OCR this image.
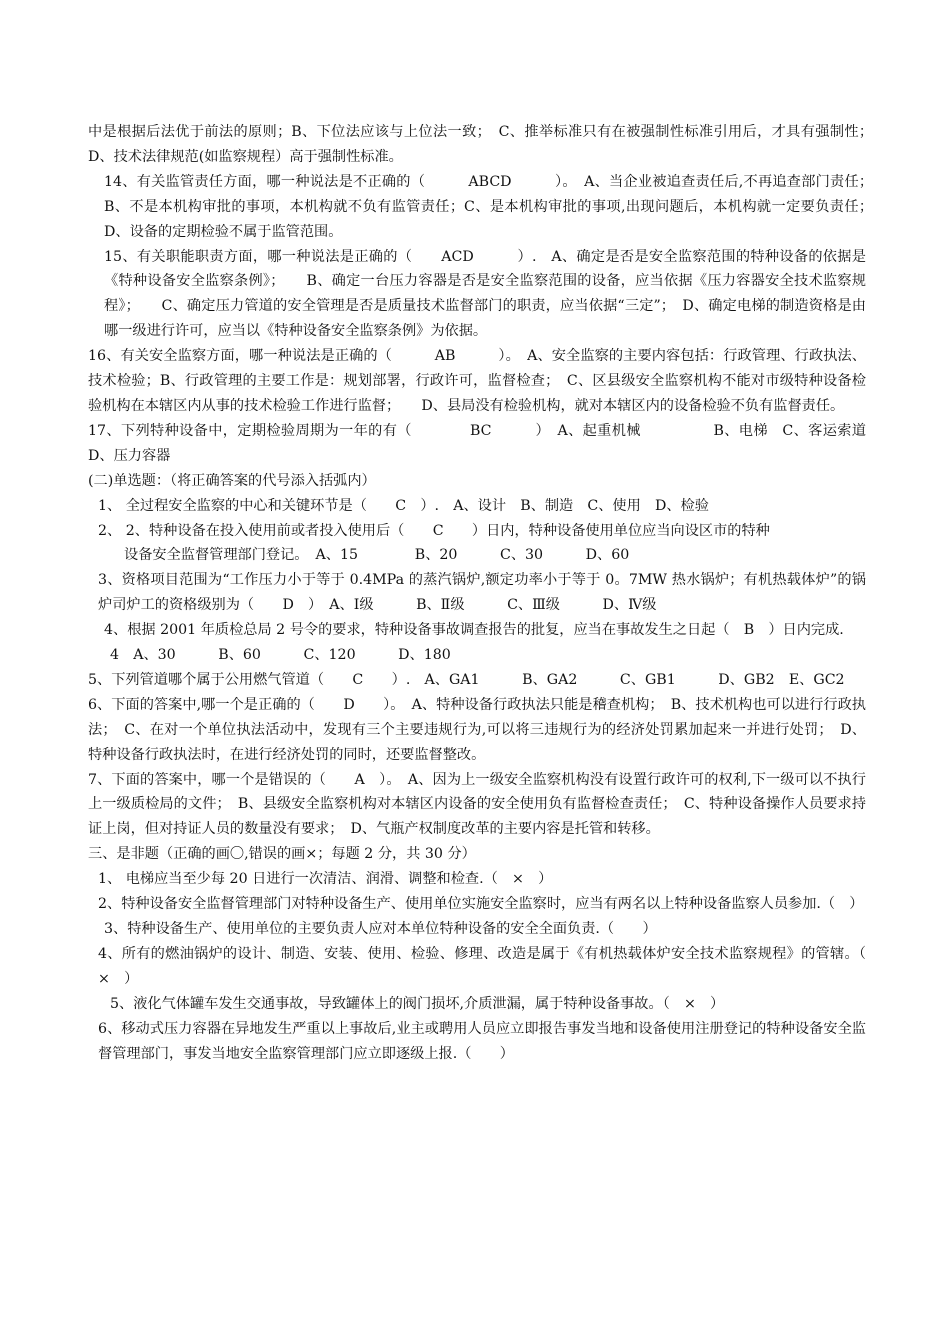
中是根据后法优于前法的原则；B、下位法应该与上位法一致；　C、推举标准只有在被强制性标准引用后，才具有强制性；　D、技术法律规范(如监察规程）高于强制性标准。

14、有关监管责任方面，哪一种说法是不正确的（　　　ABCD　　　）。　A、当企业被追查责任后,不再追查部门责任；　B、不是本机构审批的事项，本机构就不负有监管责任；C、是本机构审批的事项,出现问题后，本机构就一定要负责任；　D、设备的定期检验不属于监管范围。

15、有关职能职责方面，哪一种说法是正确的（　　ACD　　　）.　A、确定是否是安全监察范围的特种设备的依据是《特种设备安全监察条例》；　　B、确定一台压力容器是否是安全监察范围的设备，应当依据《压力容器安全技术监察规程》；　　C、确定压力管道的安全管理是否是质量技术监督部门的职责，应当依据“三定”；　D、确定电梯的制造资格是由哪一级进行许可，应当以《特种设备安全监察条例》为依据。

16、有关安全监察方面，哪一种说法是正确的（　　　AB　　　）。　A、安全监察的主要内容包括：行政管理、行政执法、技术检验；B、行政管理的主要工作是：规划部署，行政许可，监督检查；　C、区县级安全监察机构不能对市级特种设备检验机构在本辖区内从事的技术检验工作进行监督；　　D、县局没有检验机构，就对本辖区内的设备检验不负有监督责任。

17、下列特种设备中，定期检验周期为一年的有（　　　　BC　　　）　A、起重机械　　　　　B、电梯　C、客运索道　　D、压力容器

(二)单选题：（将正确答案的代号添入括弧内）

1、 全过程安全监察的中心和关键环节是（　　C　）.　A、设计　B、制造　C、使用　D、检验

2、 2、特种设备在投入使用前或者投入使用后（　　C　　）日内，特种设备使用单位应当向设区市的特种

设备安全监督管理部门登记。　A、15　　　　B、20　　　C、30　　　D、60

3、资格项目范围为“工作压力小于等于 0.4MPa 的蒸汽锅炉,额定功率小于等于 0。7MW 热水锅炉；有机热载体炉”的锅炉司炉工的资格级别为（　　D　）　A、Ⅰ级　　　B、Ⅱ级　　　C、Ⅲ级　　　D、Ⅳ级

4、根据 2001 年质检总局 2 号令的要求，特种设备事故调查报告的批复，应当在事故发生之日起（　B　）日内完成.

4　A、30　　　B、60　　　C、120　　　D、180

5、下列管道哪个属于公用燃气管道（　　C　　）.　A、GA1　　　B、GA2　　　C、GB1　　　D、GB2　E、GC2

6、下面的答案中,哪一个是正确的（　　D　　）。　A、特种设备行政执法只能是稽查机构；　B、技术机构也可以进行行政执法；　C、在对一个单位执法活动中，发现有三个主要违规行为,可以将三违规行为的经济处罚累加起来一并进行处罚；　D、特种设备行政执法时，在进行经济处罚的同时，还要监督整改。

7、下面的答案中，哪一个是错误的（　　A　）。　A、因为上一级安全监察机构没有设置行政许可的权利,下一级可以不执行上一级质检局的文件；　B、县级安全监察机构对本辖区内设备的安全使用负有监督检查责任；　C、特种设备操作人员要求持证上岗，但对持证人员的数量没有要求；　D、气瓶产权制度改革的主要内容是托管和转移。

三、是非题（正确的画〇,错误的画×；每题 2 分，共 30 分）

1、 电梯应当至少每 20 日进行一次清洁、润滑、调整和检查.（　×　）

2、特种设备安全监督管理部门对特种设备生产、使用单位实施安全监察时，应当有两名以上特种设备监察人员参加.（　）

3、特种设备生产、使用单位的主要负责人应对本单位特种设备的安全全面负责.（　　）

4、所有的燃油锅炉的设计、制造、安装、使用、检验、修理、改造是属于《有机热载体炉安全技术监察规程》的管辖。（　×　）

5、液化气体罐车发生交通事故，导致罐体上的阀门损坏,介质泄漏，属于特种设备事故。（　×　）

6、移动式压力容器在异地发生严重以上事故后,业主或聘用人员应立即报告事发当地和设备使用注册登记的特种设备安全监督管理部门，事发当地安全监察管理部门应立即逐级上报.（　　）
